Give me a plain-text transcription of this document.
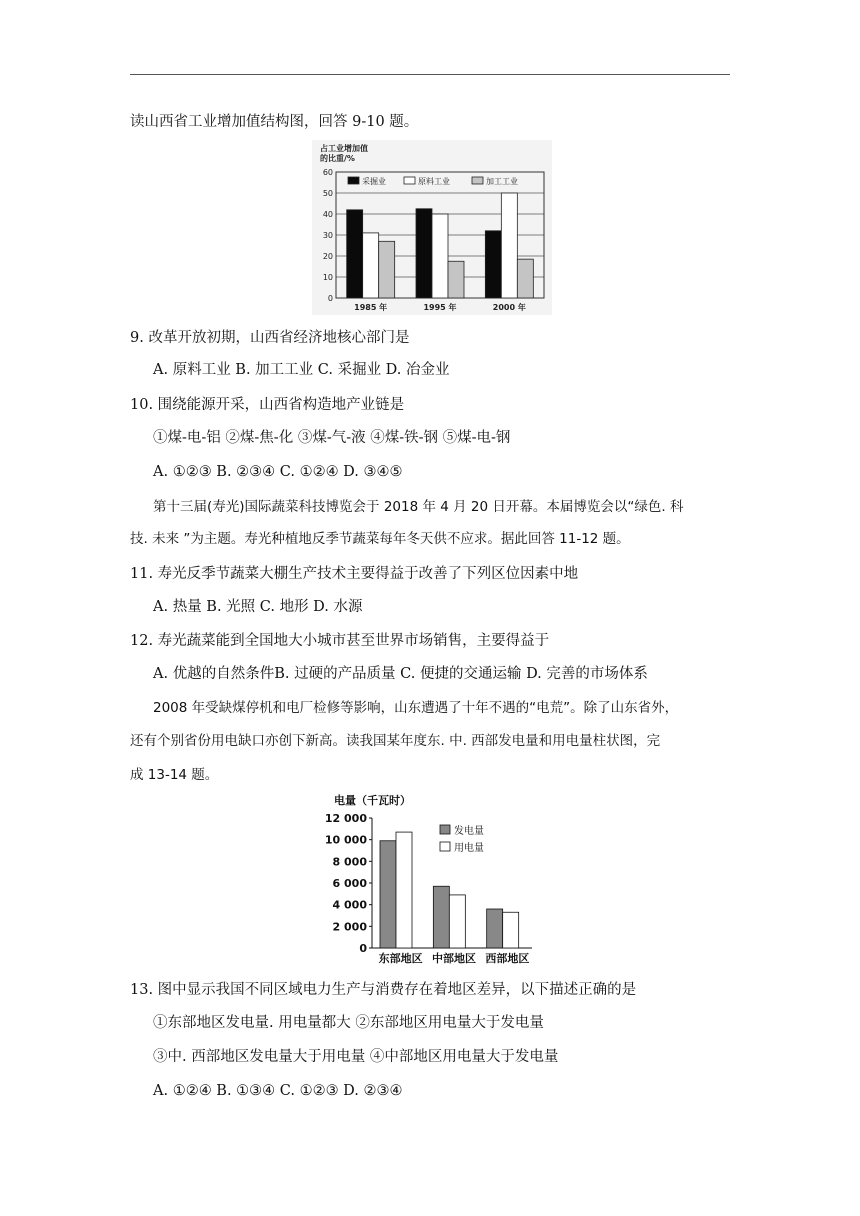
读山西省工业增加值结构图，回答 9-10 题。
占工业增加值
的比重/%
0
10
20
30
40
50
60
采掘业	原料工业	加工工业
1985 年	1995 年	2000 年
9. 改革开放初期，山西省经济地核心部门是
A. 原料工业 B. 加工工业 C. 采掘业 D. 冶金业
10. 围绕能源开采，山西省构造地产业链是
①煤-电-铝 ②煤-焦-化 ③煤-气-液 ④煤-铁-钢 ⑤煤-电-钢
A. ①②③ B. ②③④ C. ①②④ D. ③④⑤
第十三届(寿光)国际蔬菜科技博览会于 2018 年 4 月 20 日开幕。本届博览会以“绿色. 科
技. 未来 ”为主题。寿光种植地反季节蔬菜每年冬天供不应求。据此回答 11-12 题。
11. 寿光反季节蔬菜大棚生产技术主要得益于改善了下列区位因素中地
A. 热量 B. 光照 C. 地形 D. 水源
12. 寿光蔬菜能到全国地大小城市甚至世界市场销售，主要得益于
A. 优越的自然条件B. 过硬的产品质量 C. 便捷的交通运输 D. 完善的市场体系
2008 年受缺煤停机和电厂检修等影响，山东遭遇了十年不遇的“电荒”。除了山东省外，
还有个别省份用电缺口亦创下新高。读我国某年度东. 中. 西部发电量和用电量柱状图，完
成 13-14 题。
电量（千瓦时）
0
2 000
4 000
6 000
8 000
10 000
12 000
发电量
用电量
东部地区 中部地区 西部地区
13. 图中显示我国不同区域电力生产与消费存在着地区差异，以下描述正确的是
①东部地区发电量. 用电量都大 ②东部地区用电量大于发电量
③中. 西部地区发电量大于用电量 ④中部地区用电量大于发电量
A. ①②④ B. ①③④ C. ①②③ D. ②③④
